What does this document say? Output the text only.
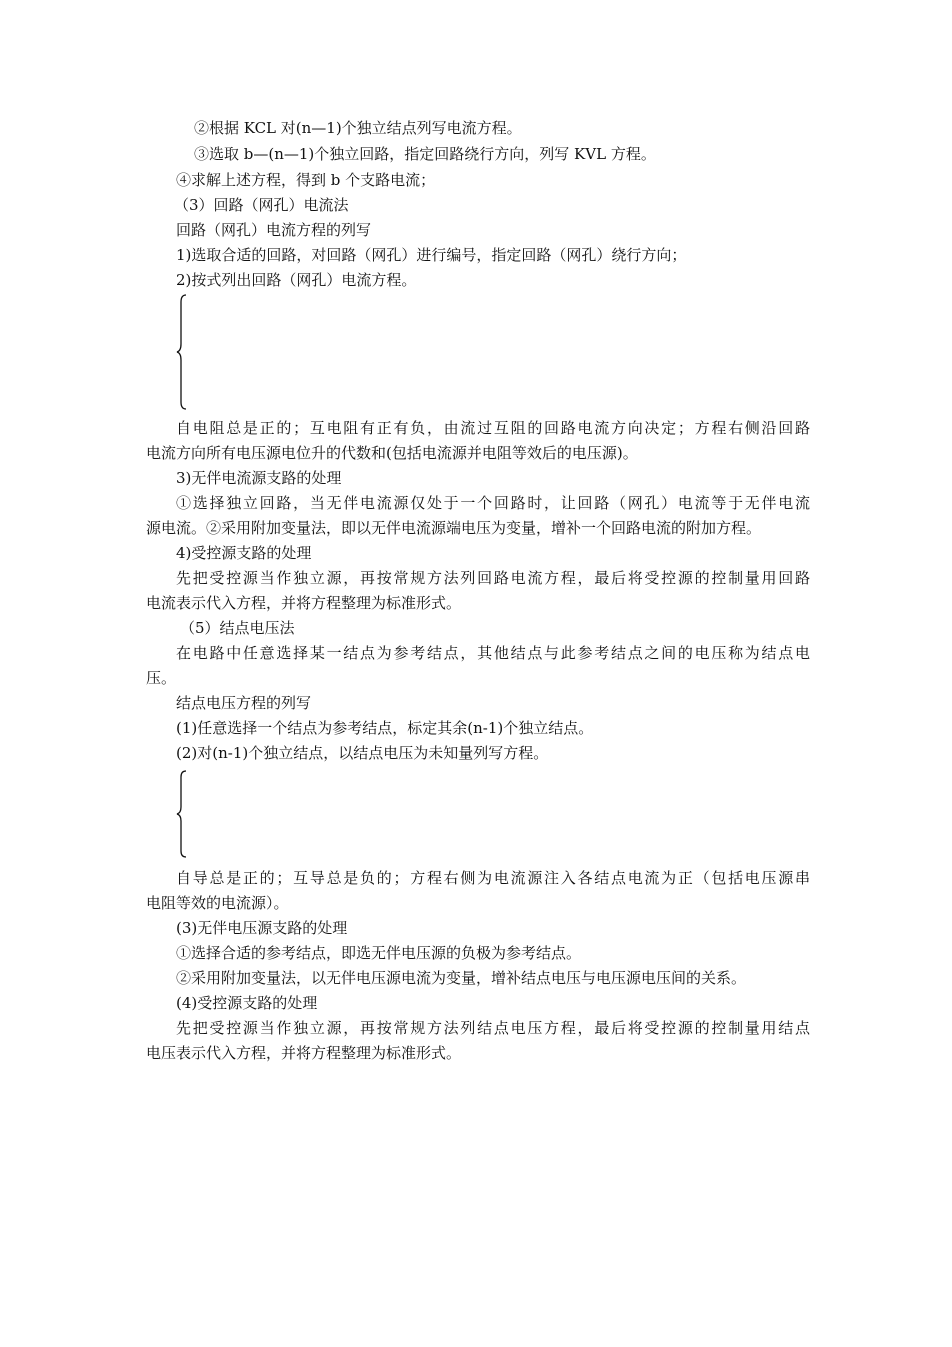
②根据 KCL 对(n—1)个独立结点列写电流方程。
③选取 b—(n—1)个独立回路，指定回路绕行方向，列写 KVL 方程。
④求解上述方程，得到 b 个支路电流；
（3）回路（网孔）电流法
回路（网孔）电流方程的列写
1)选取合适的回路，对回路（网孔）进行编号，指定回路（网孔）绕行方向；
2)按式列出回路（网孔）电流方程。
自电阻总是正的；互电阻有正有负，由流过互阻的回路电流方向决定；方程右侧沿回路
电流方向所有电压源电位升的代数和(包括电流源并电阻等效后的电压源)。
3)无伴电流源支路的处理
①选择独立回路，当无伴电流源仅处于一个回路时，让回路（网孔）电流等于无伴电流
源电流。②采用附加变量法，即以无伴电流源端电压为变量，增补一个回路电流的附加方程。
4)受控源支路的处理
先把受控源当作独立源，再按常规方法列回路电流方程，最后将受控源的控制量用回路
电流表示代入方程，并将方程整理为标准形式。
（5）结点电压法
在电路中任意选择某一结点为参考结点，其他结点与此参考结点之间的电压称为结点电
压。
结点电压方程的列写
(1)任意选择一个结点为参考结点，标定其余(n-1)个独立结点。
(2)对(n-1)个独立结点，以结点电压为未知量列写方程。
自导总是正的；互导总是负的；方程右侧为电流源注入各结点电流为正（包括电压源串
电阻等效的电流源）。
(3)无伴电压源支路的处理
①选择合适的参考结点，即选无伴电压源的负极为参考结点。
②采用附加变量法，以无伴电压源电流为变量，增补结点电压与电压源电压间的关系。
(4)受控源支路的处理
先把受控源当作独立源，再按常规方法列结点电压方程，最后将受控源的控制量用结点
电压表示代入方程，并将方程整理为标准形式。
